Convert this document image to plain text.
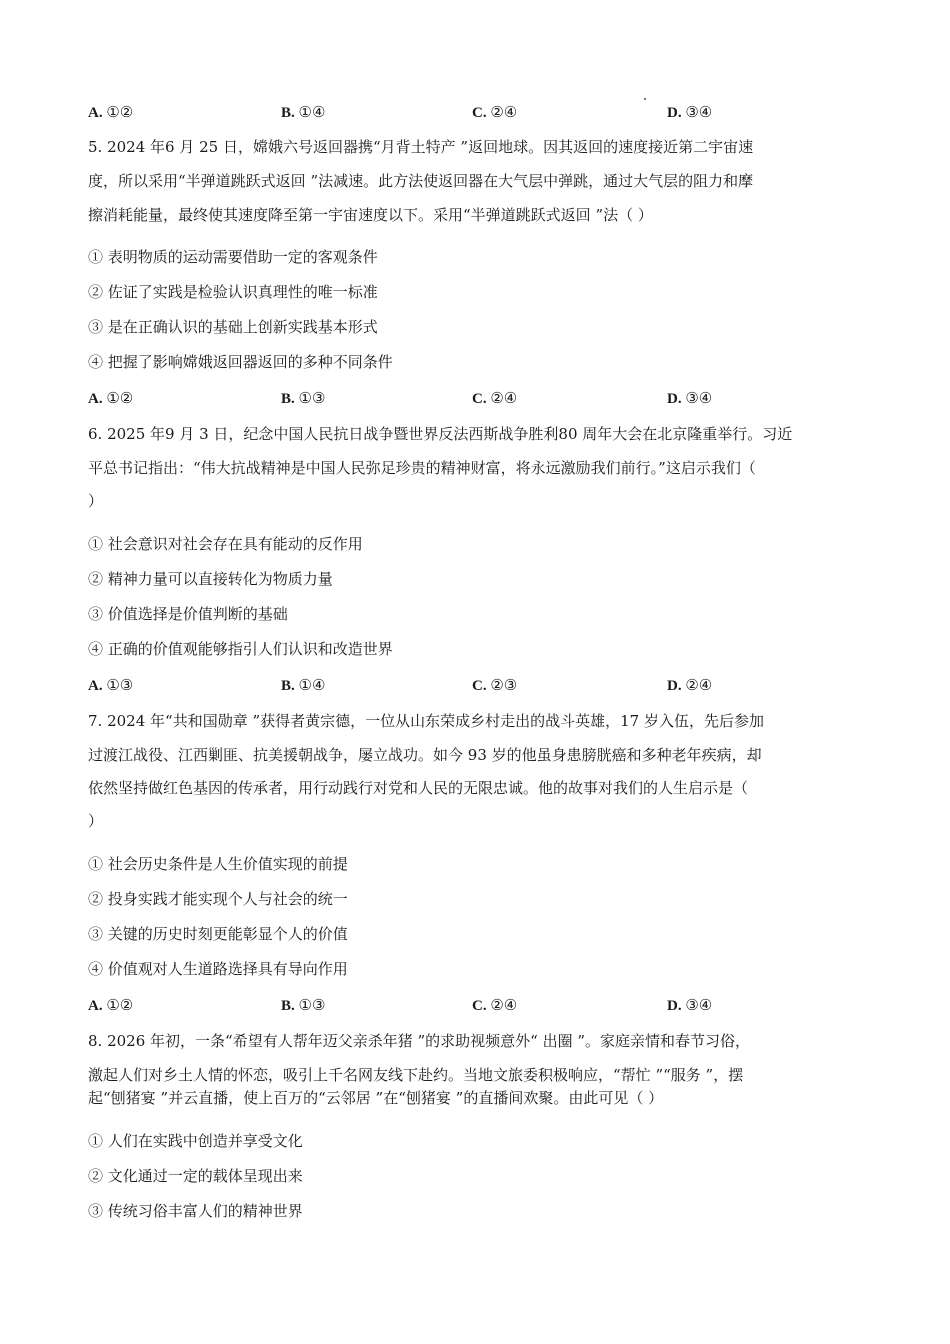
A. ①②	B. ①④	C. ②④	D. ③④
5. 2024 年6 月 25 日，嫦娥六号返回器携“月背土特产 ”返回地球。因其返回的速度接近第二宇宙速
度，所以采用“半弹道跳跃式返回 ”法减速。此方法使返回器在大气层中弹跳，通过大气层的阻力和摩
擦消耗能量，最终使其速度降至第一宇宙速度以下。采用“半弹道跳跃式返回 ”法（ ）
① 表明物质的运动需要借助一定的客观条件
② 佐证了实践是检验认识真理性的唯一标准
③ 是在正确认识的基础上创新实践基本形式
④ 把握了影响嫦娥返回器返回的多种不同条件
A. ①②	B. ①③	C. ②④	D. ③④
6. 2025 年9 月 3 日，纪念中国人民抗日战争暨世界反法西斯战争胜利80 周年大会在北京隆重举行。习近
平总书记指出：“伟大抗战精神是中国人民弥足珍贵的精神财富，将永远激励我们前行。”这启示我们（
）
① 社会意识对社会存在具有能动的反作用
② 精神力量可以直接转化为物质力量
③ 价值选择是价值判断的基础
④ 正确的价值观能够指引人们认识和改造世界
A. ①③	B. ①④	C. ②③	D. ②④
7. 2024 年“共和国勋章 ”获得者黄宗德，一位从山东荣成乡村走出的战斗英雄，17 岁入伍，先后参加
过渡江战役、江西剿匪、抗美援朝战争，屡立战功。如今 93 岁的他虽身患膀胱癌和多种老年疾病，却
依然坚持做红色基因的传承者，用行动践行对党和人民的无限忠诚。他的故事对我们的人生启示是（
）
① 社会历史条件是人生价值实现的前提
② 投身实践才能实现个人与社会的统一
③ 关键的历史时刻更能彰显个人的价值
④ 价值观对人生道路选择具有导向作用
A. ①②	B. ①③	C. ②④	D. ③④
8. 2026 年初，一条“希望有人帮年迈父亲杀年猪 ”的求助视频意外“ 出圈 ”。家庭亲情和春节习俗，
激起人们对乡土人情的怀恋，吸引上千名网友线下赴约。当地文旅委积极响应，“帮忙 ”“服务 ”，摆
起“刨猪宴 ”并云直播，使上百万的“云邻居 ”在“刨猪宴 ”的直播间欢聚。由此可见（ ）
① 人们在实践中创造并享受文化
② 文化通过一定的载体呈现出来
③ 传统习俗丰富人们的精神世界
